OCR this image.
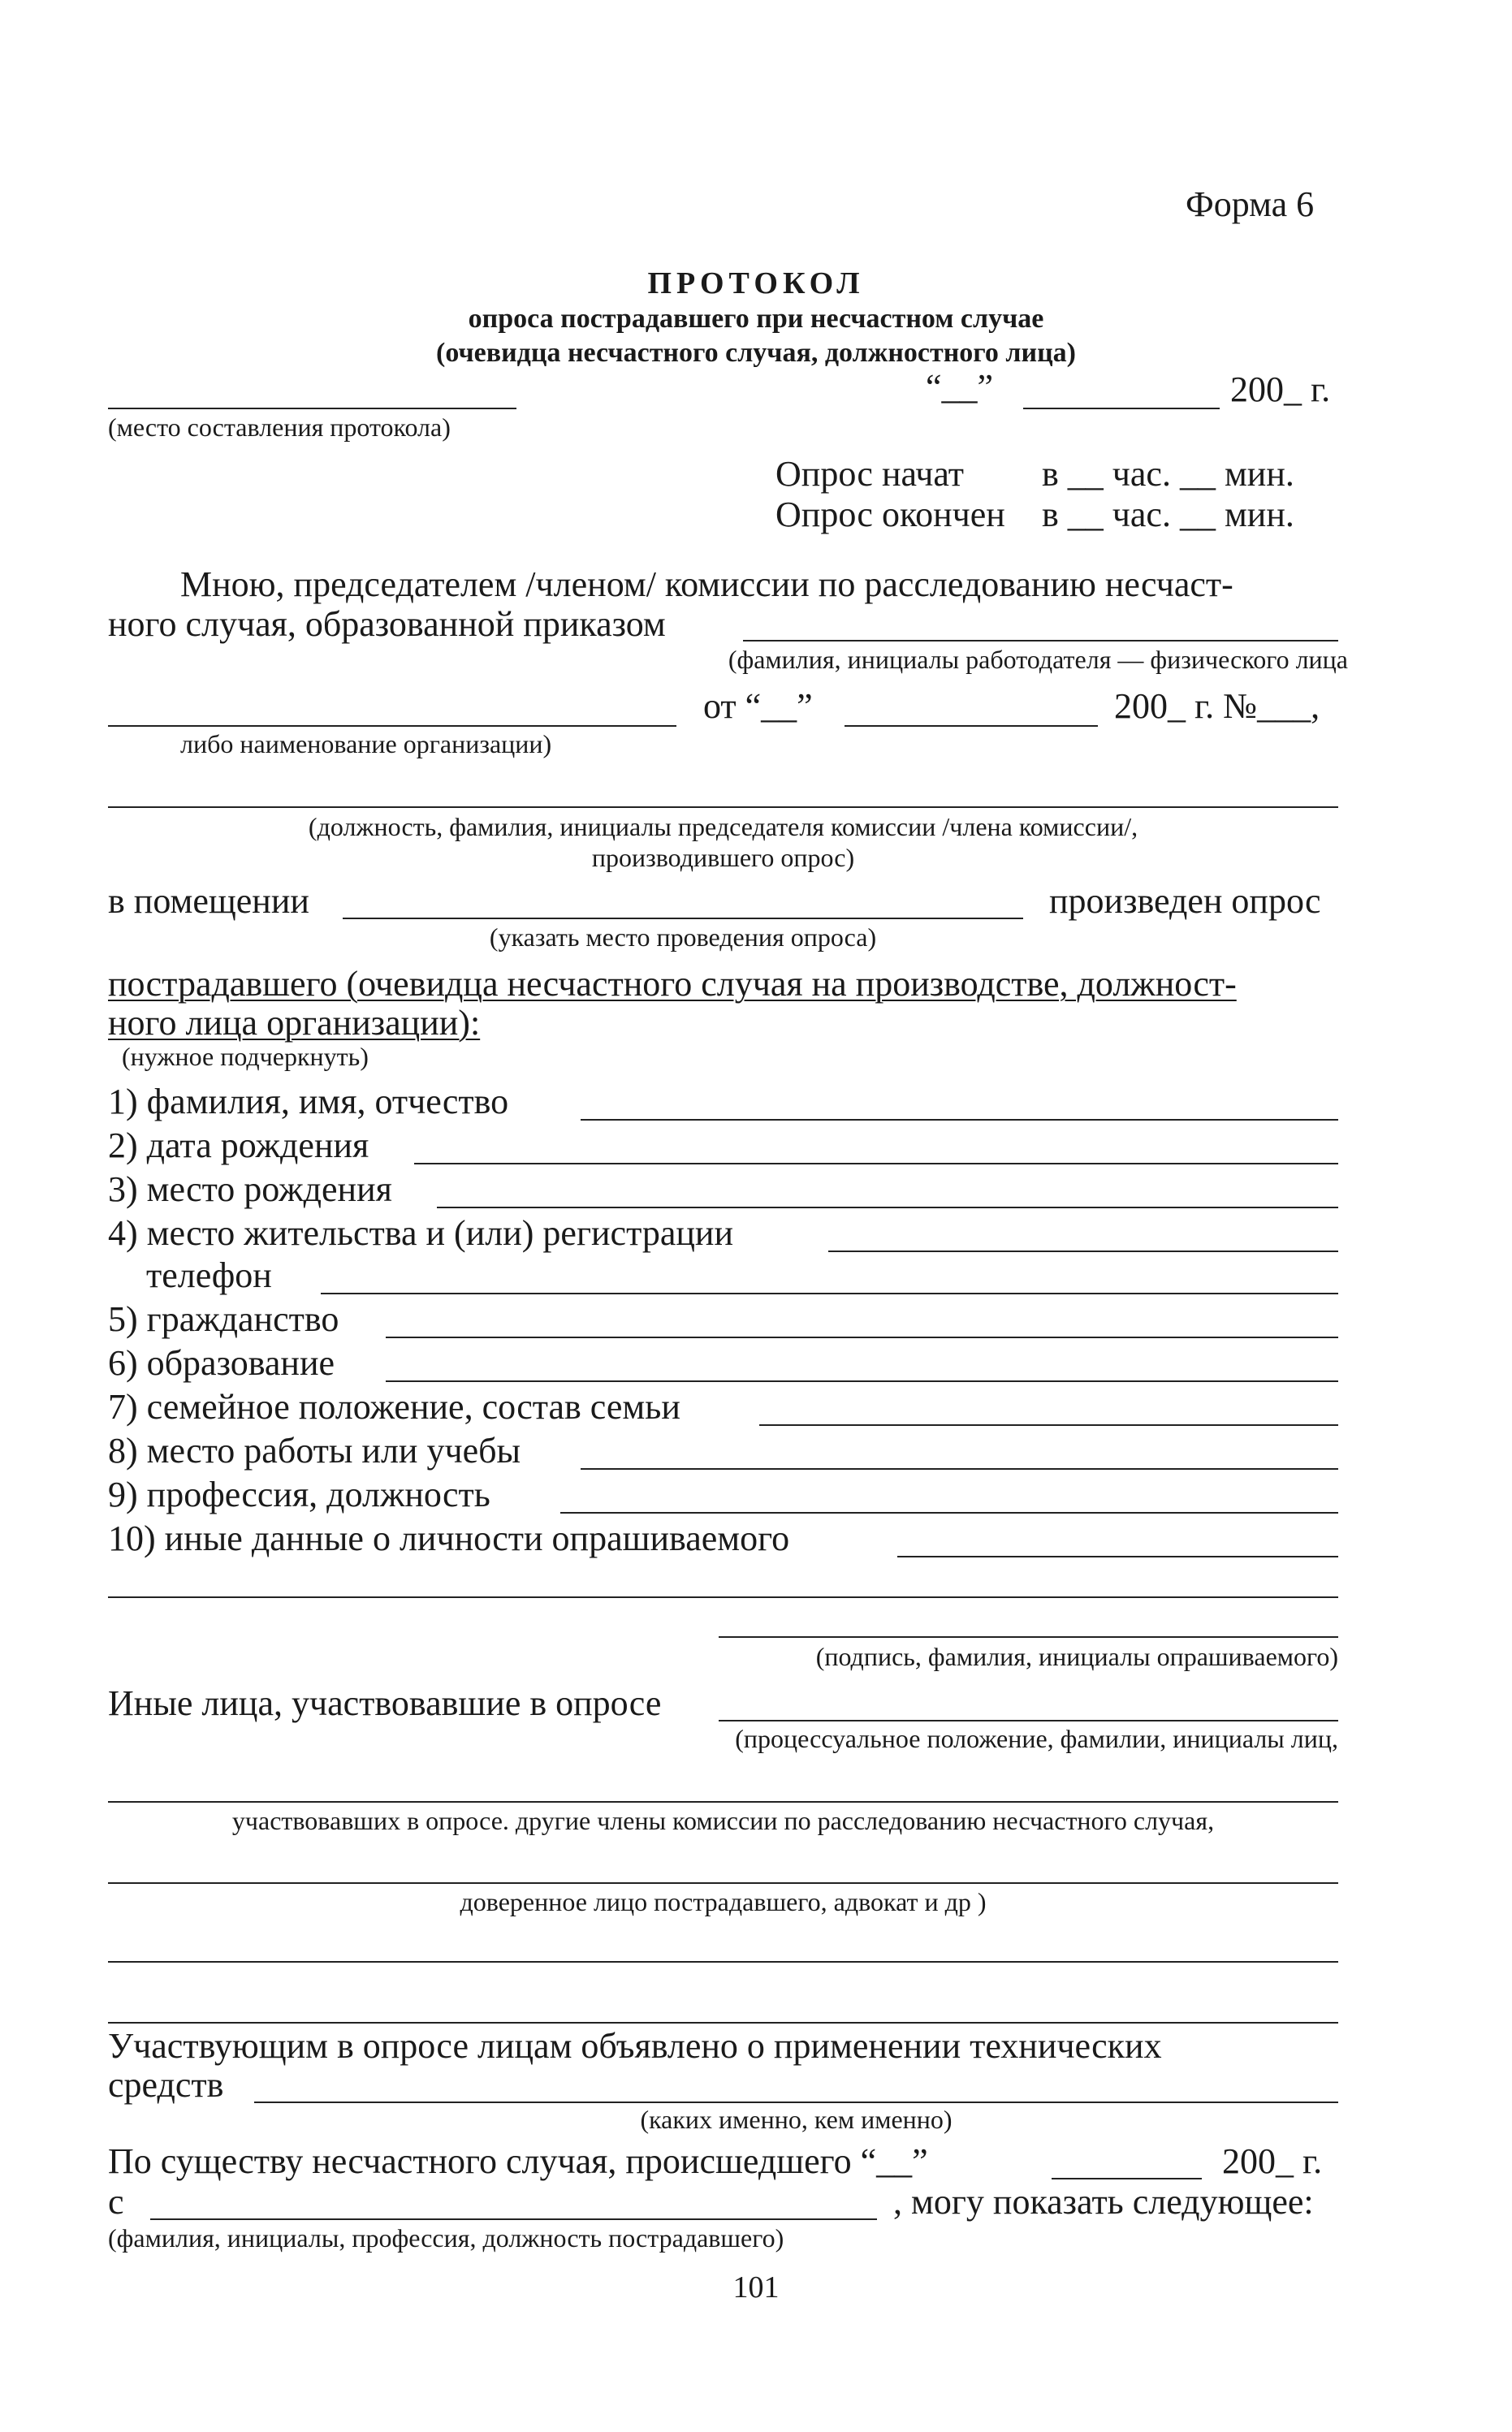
Форма 6
ПРОТОКОЛ
опроса пострадавшего при несчастном случае
(очевидца несчастного случая, должностного лица)
“__”	200_ г.
(место составления протокола)
Опрос начат в __ час. __ мин.
Опрос окончен в __ час. __ мин.
Мною, председателем /членом/ комиссии по расследованию несчаст-
ного случая, образованной приказом
(фамилия, инициалы работодателя — физического лица
от “__”	200_ г. №___,
либо наименование организации)
(должность, фамилия, инициалы председателя комиссии /члена комиссии/,
производившего опрос)
в помещении	произведен опрос
(указать место проведения опроса)
пострадавшего (очевидца несчастного случая на производстве, должност-
ного лица организации):
(нужное подчеркнуть)
1) фамилия, имя, отчество
2) дата рождения
3) место рождения
4) место жительства и (или) регистрации
телефон
5) гражданство
6) образование
7) семейное положение, состав семьи
8) место работы или учебы
9) профессия, должность
10) иные данные о личности опрашиваемого
(подпись, фамилия, инициалы опрашиваемого)
Иные лица, участвовавшие в опросе
(процессуальное положение, фамилии, инициалы лиц,
участвовавших в опросе. другие члены комиссии по расследованию несчастного случая,
доверенное лицо пострадавшего, адвокат и др )
Участвующим в опросе лицам объявлено о применении технических
средств
(каких именно, кем именно)
По существу несчастного случая, происшедшего “__”	200_ г.
с	, могу показать следующее:
(фамилия, инициалы, профессия, должность пострадавшего)
101
